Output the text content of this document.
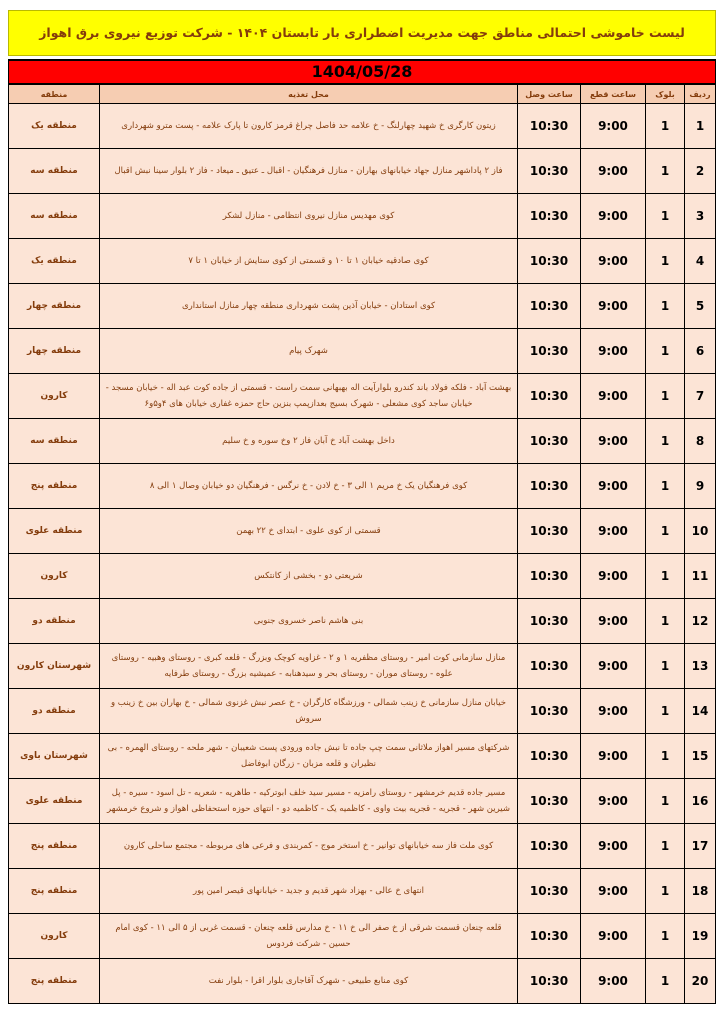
لیست خاموشی احتمالی مناطق جهت مدیریت اضطراری بار تابستان ۱۴۰۴ - شرکت توزیع نیروی برق اهواز
1404/05/28
ردیف	بلوک	ساعت قطع	ساعت وصل	محل تغذیه	منطقه
1	1	9:00	10:30	زیتون کارگری خ شهید چهارلنگ - خ علامه حد فاصل چراغ قرمز کارون تا پارک علامه - پست مترو شهرداری	منطقه یک
2	1	9:00	10:30	فاز ۲ پاداشهر منازل جهاد خیابانهای بهاران - منازل فرهنگیان - اقبال ـ عتیق ـ میعاد - فاز ۲ بلوار سینا نبش اقبال	منطقه سه
3	1	9:00	10:30	کوی مهدیس منازل نیروی انتظامی - منازل لشکر	منطقه سه
4	1	9:00	10:30	کوی صادقیه خیابان ۱ تا ۱۰ و قسمتی از کوی ستایش از خیابان ۱ تا ۷	منطقه یک
5	1	9:00	10:30	کوی استادان - خیابان آذین پشت شهرداری منطقه چهار منازل استانداری	منطقه چهار
6	1	9:00	10:30	شهرک پیام	منطقه چهار
7	1	9:00	10:30	بهشت آباد - فلکه فولاد باند کندرو بلوارآیت اله بهبهانی سمت راست - قسمتی از جاده کوت عبد اله - خیابان مسجد - خیابان ساجد کوی مشعلی - شهرک بسیج بعدازپمپ بنزین حاج حمزه غفاری خیابان های ۴و۵و۶	کارون
8	1	9:00	10:30	داخل بهشت آباد خ آبان فاز ۲ وخ سوره و خ سلیم	منطقه سه
9	1	9:00	10:30	کوی فرهنگیان یک خ مریم ۱ الی ۳ - خ لادن - خ نرگس - فرهنگیان دو خیابان وصال ۱ الی ۸	منطقه پنج
10	1	9:00	10:30	قسمتی از کوی علوی - ابتدای خ ۲۲ بهمن	منطقه علوی
11	1	9:00	10:30	شریعتی دو - بخشی از کانتکس	کارون
12	1	9:00	10:30	بنی هاشم ناصر خسروی جنوبی	منطقه دو
13	1	9:00	10:30	منازل سازمانی کوت امیر - روستای مظفریه ۱ و ۲ - غزاویه کوچک وبزرگ - قلعه کبری - روستای وهبیه - روستای علوه - روستای موران - روستای بحر و سیدهنابه - عمیشیه بزرگ - روستای طرفایه	شهرستان کارون
14	1	9:00	10:30	خیابان منازل سازمانی خ زینب شمالی - ورزشگاه کارگران - خ عصر نبش غزنوی شمالی - خ بهاران بین خ زینب و سروش	منطقه دو
15	1	9:00	10:30	شرکتهای مسیر اهواز ملاثانی سمت چپ جاده تا نبش جاده ورودی پست شعیبان - شهر ملحه - روستای الهمره - بی نظیران و قلعه مزبان - زرگان ابوفاضل	شهرستان باوی
16	1	9:00	10:30	مسیر جاده قدیم خرمشهر - روستای رامزیه - مسیر سید خلف ابوترکیه - طاهریه - شعریه - تل اسود - سیره - پل شیرین شهر - قجریه - قجریه بیت واوی - کاظمیه یک - کاظمیه دو - انتهای حوزه استحفاظی اهواز و شروع خرمشهر	منطقه علوی
17	1	9:00	10:30	کوی ملت فاز سه خیابانهای توانیر - خ استخر موج - کمربندی و فرعی های مربوطه - مجتمع ساحلی کارون	منطقه پنج
18	1	9:00	10:30	انتهای خ عالی - بهزاد شهر قدیم و جدید - خیابانهای قیصر امین پور	منطقه پنج
19	1	9:00	10:30	قلعه چنعان قسمت شرقی از خ صفر الی خ ۱۱ - خ مدارس قلعه چنعان - قسمت غربی از ۵ الی ۱۱ - کوی امام حسین - شرکت فردوس	کارون
20	1	9:00	10:30	کوی منابع طبیعی - شهرک آقاجاری بلوار اقرا - بلوار نفت	منطقه پنج
